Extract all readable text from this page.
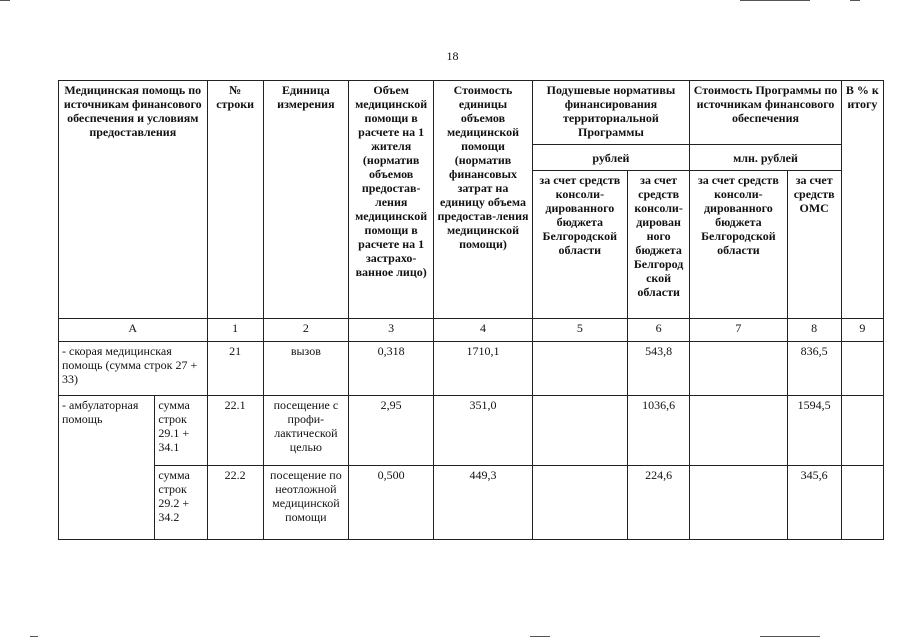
18
Медицинская помощь по источникам финансового обеспечения и условиям предоставления		№ строки	Единица измерения	Объем медицинской помощи в расчете на 1 жителя (норматив объемов предостав-ления медицинской помощи в расчете на 1 застрахо-ванное лицо)	Стоимость единицы объемов медицинской помощи (норматив финансовых затрат на единицу объема предостав-ления медицинской помощи)	Подушевые нормативы финансирования территориальной Программы		Стоимость Программы по источникам финансового обеспечения		В % к итогу
						рублей		млн. рублей		
						за счет средств консоли-дированного бюджета Белгородской области	за счет средств консоли-дирован ного бюджета Белгород ской области	за счет средств консоли-дированного бюджета Белгородской области	за счет средств ОМС	
А		1	2	3	4	5	6	7	8	9
- скорая медицинская помощь (сумма строк 27 + 33)		21	вызов	0,318	1710,1		543,8		836,5	
- амбулаторная помощь	сумма строк 29.1 + 34.1	22.1	посещение с профи-лактической целью	2,95	351,0		1036,6		1594,5	
	сумма строк 29.2 + 34.2	22.2	посещение по неотложной медицинской помощи	0,500	449,3		224,6		345,6	
